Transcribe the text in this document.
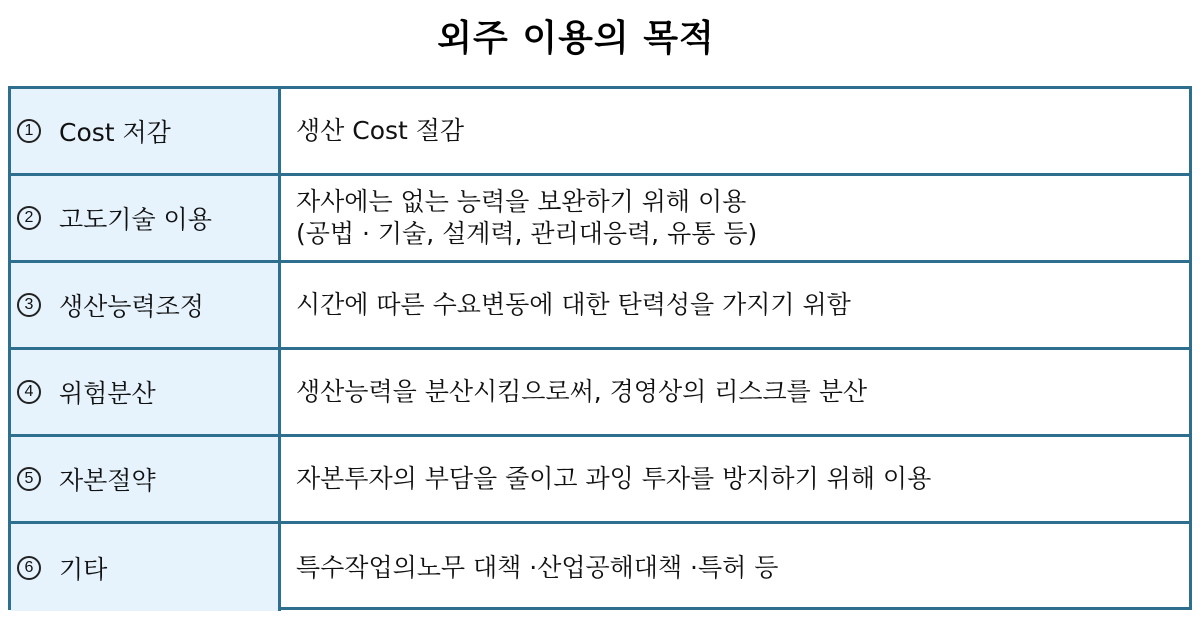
외주 이용의 목적
1	Cost 저감	생산 Cost 절감
2	고도기술 이용
자사에는 없는 능력을 보완하기 위해 이용
(공법 · 기술, 설계력, 관리대응력, 유통 등)
3	생산능력조정	시간에 따른 수요변동에 대한 탄력성을 가지기 위함
4	위험분산	생산능력을 분산시킴으로써, 경영상의 리스크를 분산
5	자본절약	자본투자의 부담을 줄이고 과잉 투자를 방지하기 위해 이용
6	기타	특수작업의노무 대책 ·산업공해대책 ·특허 등
